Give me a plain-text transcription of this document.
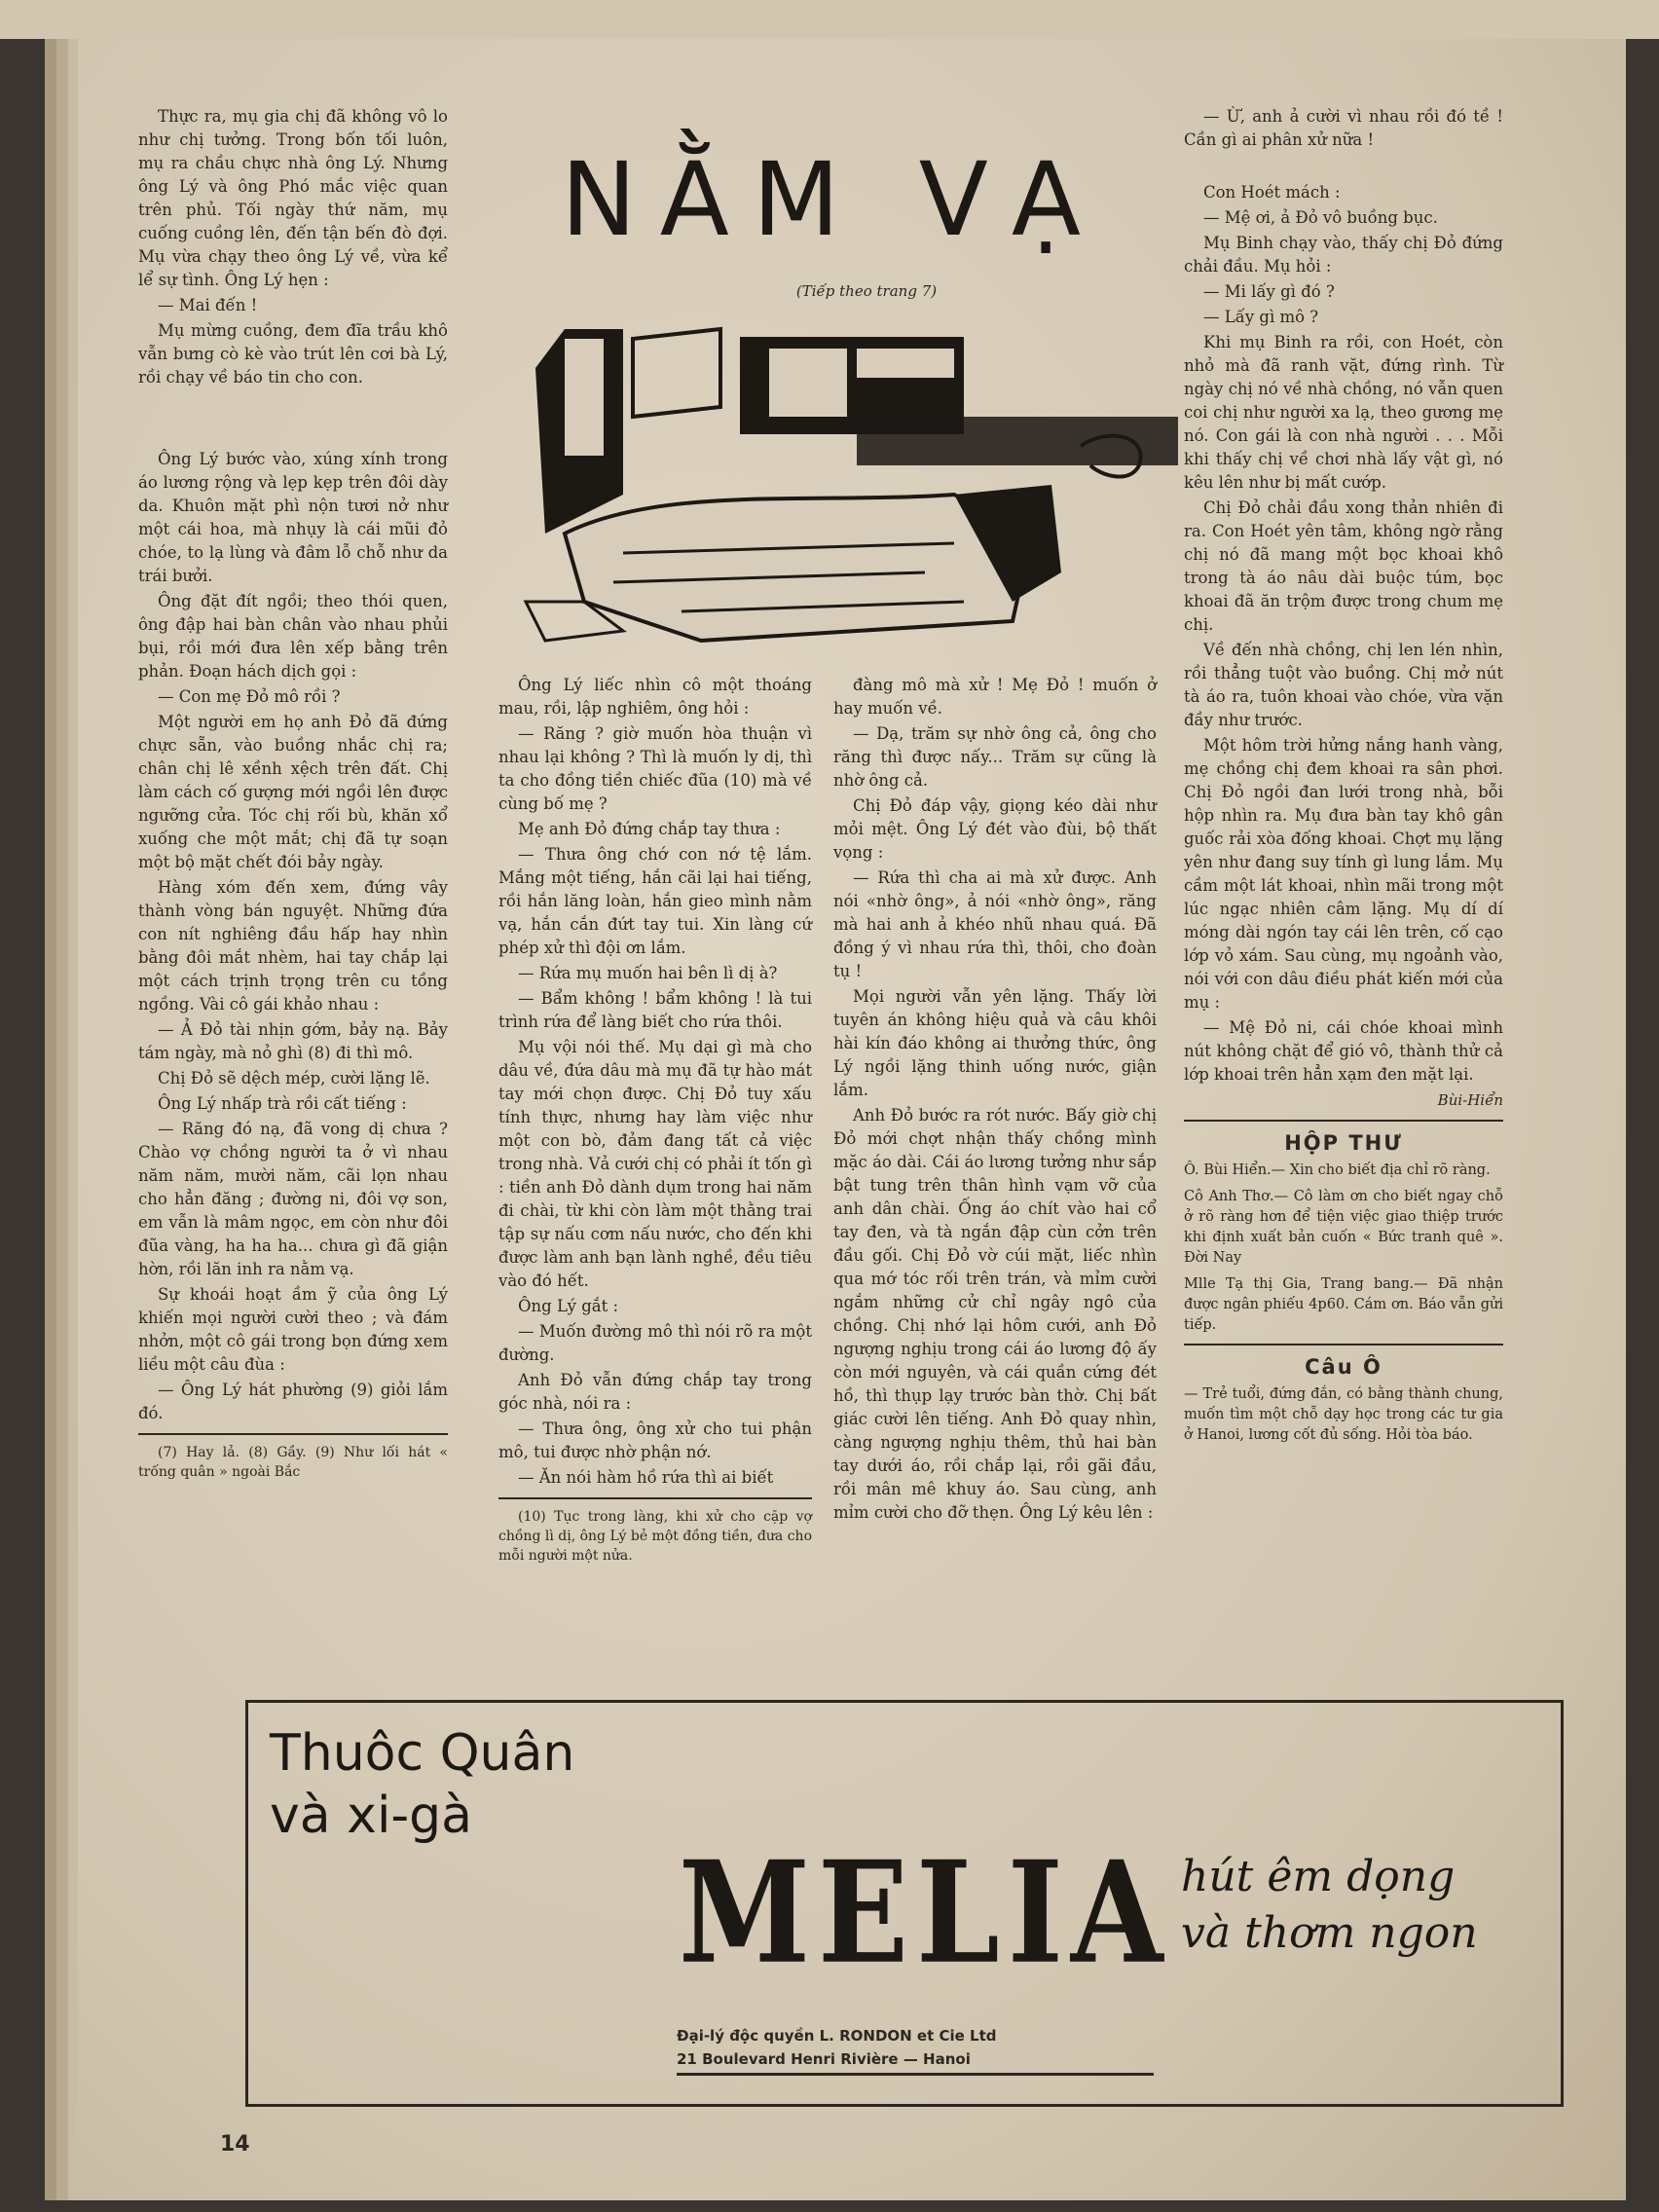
NẰM VẠ
(Tiếp theo trang 7)

Thực ra, mụ gia chị đã không vô lo như chị tưởng. Trong bốn tối luôn, mụ ra chầu chực nhà ông Lý. Nhưng ông Lý và ông Phó mắc việc quan trên phủ. Tối ngày thứ năm, mụ cuống cuồng lên, đến tận bến đò đợi. Mụ vừa chạy theo ông Lý về, vừa kể lể sự tình. Ông Lý hẹn :

— Mai đến !

Mụ mừng cuồng, đem đĩa trầu khô vẫn bưng cò kè vào trút lên cơi bà Lý, rồi chạy về báo tin cho con.

Ông Lý bước vào, xúng xính trong áo lương rộng và lẹp kẹp trên đôi dày da. Khuôn mặt phì nộn tươi nở như một cái hoa, mà nhụy là cái mũi đỏ chóe, to lạ lùng và đâm lỗ chỗ như da trái bưởi.

Ông đặt đít ngồi; theo thói quen, ông đập hai bàn chân vào nhau phủi bụi, rồi mới đưa lên xếp bằng trên phản. Đoạn hách dịch gọi :

— Con mẹ Đỏ mô rồi ?

Một người em họ anh Đỏ đã đứng chực sẵn, vào buồng nhắc chị ra; chân chị lê xềnh xệch trên đất. Chị làm cách cố gượng mới ngồi lên được ngưỡng cửa. Tóc chị rối bù, khăn xổ xuống che một mắt; chị đã tự soạn một bộ mặt chết đói bảy ngày.

Hàng xóm đến xem, đứng vây thành vòng bán nguyệt. Những đứa con nít nghiêng đầu hấp hay nhìn bằng đôi mắt nhèm, hai tay chắp lại một cách trịnh trọng trên cu tồng ngồng. Vài cô gái khảo nhau :

— Ả Đỏ tài nhịn gớm, bảy nạ. Bảy tám ngày, mà nỏ ghì (8) đi thì mô.

Chị Đỏ sẽ dệch mép, cười lặng lẽ.

Ông Lý nhấp trà rồi cất tiếng :

— Răng đó nạ, đã vong dị chưa ? Chào vợ chồng người ta ở vì nhau năm năm, mười năm, cãi lọn nhau cho hẳn đăng ; đường ni, đôi vợ son, em vẫn là mâm ngọc, em còn như đôi đũa vàng, ha ha ha... chưa gì đã giận hờn, rồi lăn inh ra nằm vạ.

Sự khoái hoạt ầm ỹ của ông Lý khiến mọi người cười theo ; và đám nhởn, một cô gái trong bọn đứng xem liều một câu đùa :

— Ông Lý hát phường (9) giỏi lắm đó.

(7) Hay lả. (8) Gầy. (9) Như lối hát « trống quân » ngoài Bắc

Ông Lý liếc nhìn cô một thoáng mau, rồi, lập nghiêm, ông hỏi :

— Răng ? giờ muốn hòa thuận vì nhau lại không ? Thì là muốn ly dị, thì ta cho đồng tiền chiếc đũa (10) mà về cùng bố mẹ ?

Mẹ anh Đỏ đứng chắp tay thưa :

— Thưa ông chớ con nớ tệ lắm. Mắng một tiếng, hắn cãi lại hai tiếng, rồi hắn lăng loàn, hắn gieo mình nằm vạ, hắn cắn đứt tay tui. Xin làng cứ phép xử thì đội ơn lắm.

— Rứa mụ muốn hai bên lì dị à?

— Bẩm không ! bẩm không ! là tui trình rứa để làng biết cho rứa thôi.

Mụ vội nói thế. Mụ dại gì mà cho dâu về, đứa dâu mà mụ đã tự hào mát tay mới chọn được. Chị Đỏ tuy xấu tính thực, nhưng hay làm việc như một con bò, đảm đang tất cả việc trong nhà. Vả cưới chị có phải ít tốn gì : tiền anh Đỏ dành dụm trong hai năm đi chài, từ khi còn làm một thằng trai tập sự nấu cơm nấu nước, cho đến khi được làm anh bạn lành nghề, đều tiêu vào đó hết.

Ông Lý gắt :

— Muốn đường mô thì nói rõ ra một đường.

Anh Đỏ vẫn đứng chắp tay trong góc nhà, nói ra :

— Thưa ông, ông xử cho tui phận mô, tui được nhờ phận nớ.

— Ăn nói hàm hồ rứa thì ai biết

(10) Tục trong làng, khi xử cho cặp vợ chồng lì dị, ông Lý bẻ một đồng tiền, đưa cho mỗi người một nửa.

đàng mô mà xử ! Mẹ Đỏ ! muốn ở hay muốn về.

— Dạ, trăm sự nhờ ông cả, ông cho răng thì được nấy... Trăm sự cũng là nhờ ông cả.

Chị Đỏ đáp vậy, giọng kéo dài như mỏi mệt. Ông Lý đét vào đùi, bộ thất vọng :

— Rứa thì cha ai mà xử được. Anh nói «nhờ ông», ả nói «nhờ ông», răng mà hai anh ả khéo nhũ nhau quá. Đã đồng ý vì nhau rứa thì, thôi, cho đoàn tụ !

Mọi người vẫn yên lặng. Thấy lời tuyên án không hiệu quả và câu khôi hài kín đáo không ai thưởng thức, ông Lý ngồi lặng thinh uống nước, giận lắm.

Anh Đỏ bước ra rót nước. Bấy giờ chị Đỏ mới chợt nhận thấy chồng mình mặc áo dài. Cái áo lương tưởng như sắp bật tung trên thân hình vạm vỡ của anh dân chài. Ống áo chít vào hai cổ tay đen, và tà ngắn đập cùn cởn trên đầu gối. Chị Đỏ vờ cúi mặt, liếc nhìn qua mớ tóc rối trên trán, và mỉm cười ngắm những cử chỉ ngây ngô của chồng. Chị nhớ lại hôm cưới, anh Đỏ ngượng nghịu trong cái áo lương độ ấy còn mới nguyên, và cái quần cứng đét hồ, thì thụp lạy trước bàn thờ. Chị bất giác cười lên tiếng. Anh Đỏ quay nhìn, càng ngượng nghịu thêm, thủ hai bàn tay dưới áo, rồi chắp lại, rồi gãi đầu, rồi mân mê khuy áo. Sau cùng, anh mỉm cười cho đỡ thẹn. Ông Lý kêu lên :

— Ừ, anh ả cười vì nhau rồi đó tề ! Cần gì ai phân xử nữa !

Con Hoét mách :

— Mệ ơi, ả Đỏ vô buồng bục.

Mụ Binh chạy vào, thấy chị Đỏ đứng chải đầu. Mụ hỏi :

— Mi lấy gì đó ?

— Lấy gì mô ?

Khi mụ Binh ra rồi, con Hoét, còn nhỏ mà đã ranh vặt, đứng rình. Từ ngày chị nó về nhà chồng, nó vẫn quen coi chị như người xa lạ, theo gương mẹ nó. Con gái là con nhà người . . . Mỗi khi thấy chị về chơi nhà lấy vật gì, nó kêu lên như bị mất cướp.

Chị Đỏ chải đầu xong thản nhiên đi ra. Con Hoét yên tâm, không ngờ rằng chị nó đã mang một bọc khoai khô trong tà áo nâu dài buộc túm, bọc khoai đã ăn trộm được trong chum mẹ chị.

Về đến nhà chồng, chị len lén nhìn, rồi thẳng tuột vào buồng. Chị mở nút tà áo ra, tuôn khoai vào chóe, vừa vặn đầy như trước.

Một hôm trời hửng nắng hanh vàng, mẹ chồng chị đem khoai ra sân phơi. Chị Đỏ ngồi đan lưới trong nhà, bỗi hộp nhìn ra. Mụ đưa bàn tay khô gân guốc rải xòa đống khoai. Chợt mụ lặng yên như đang suy tính gì lung lắm. Mụ cầm một lát khoai, nhìn mãi trong một lúc ngạc nhiên câm lặng. Mụ dí dí móng dài ngón tay cái lên trên, cố cạo lớp vỏ xám. Sau cùng, mụ ngoảnh vào, nói với con dâu điều phát kiến mới của mụ :

— Mệ Đỏ ni, cái chóe khoai mình nút không chặt để gió vô, thành thử cả lớp khoai trên hẳn xạm đen mặt lại.

Bùi-Hiển
HỘP THƯ

Ô. Bùi Hiển.— Xin cho biết địa chỉ rõ ràng.

Cô Anh Thơ.— Cô làm ơn cho biết ngay chỗ ở rõ ràng hơn để tiện việc giao thiệp trước khi định xuất bản cuốn « Bức tranh quê ». Đời Nay

Mlle Tạ thị Gia, Trang bang.— Đã nhận được ngân phiếu 4p60. Cám ơn. Báo vẫn gửi tiếp.

Câu Ô

— Trẻ tuổi, đứng đắn, có bằng thành chung, muốn tìm một chỗ dạy học trong các tư gia ở Hanoi, lương cốt đủ sống. Hỏi tòa báo.

Thuôc Quân
và xi-gà
MELIA hút êm dọng
và thơm ngon
Đại-lý độc quyền L. RONDON et Cie Ltd
21 Boulevard Henri Rivière — Hanoi
14
